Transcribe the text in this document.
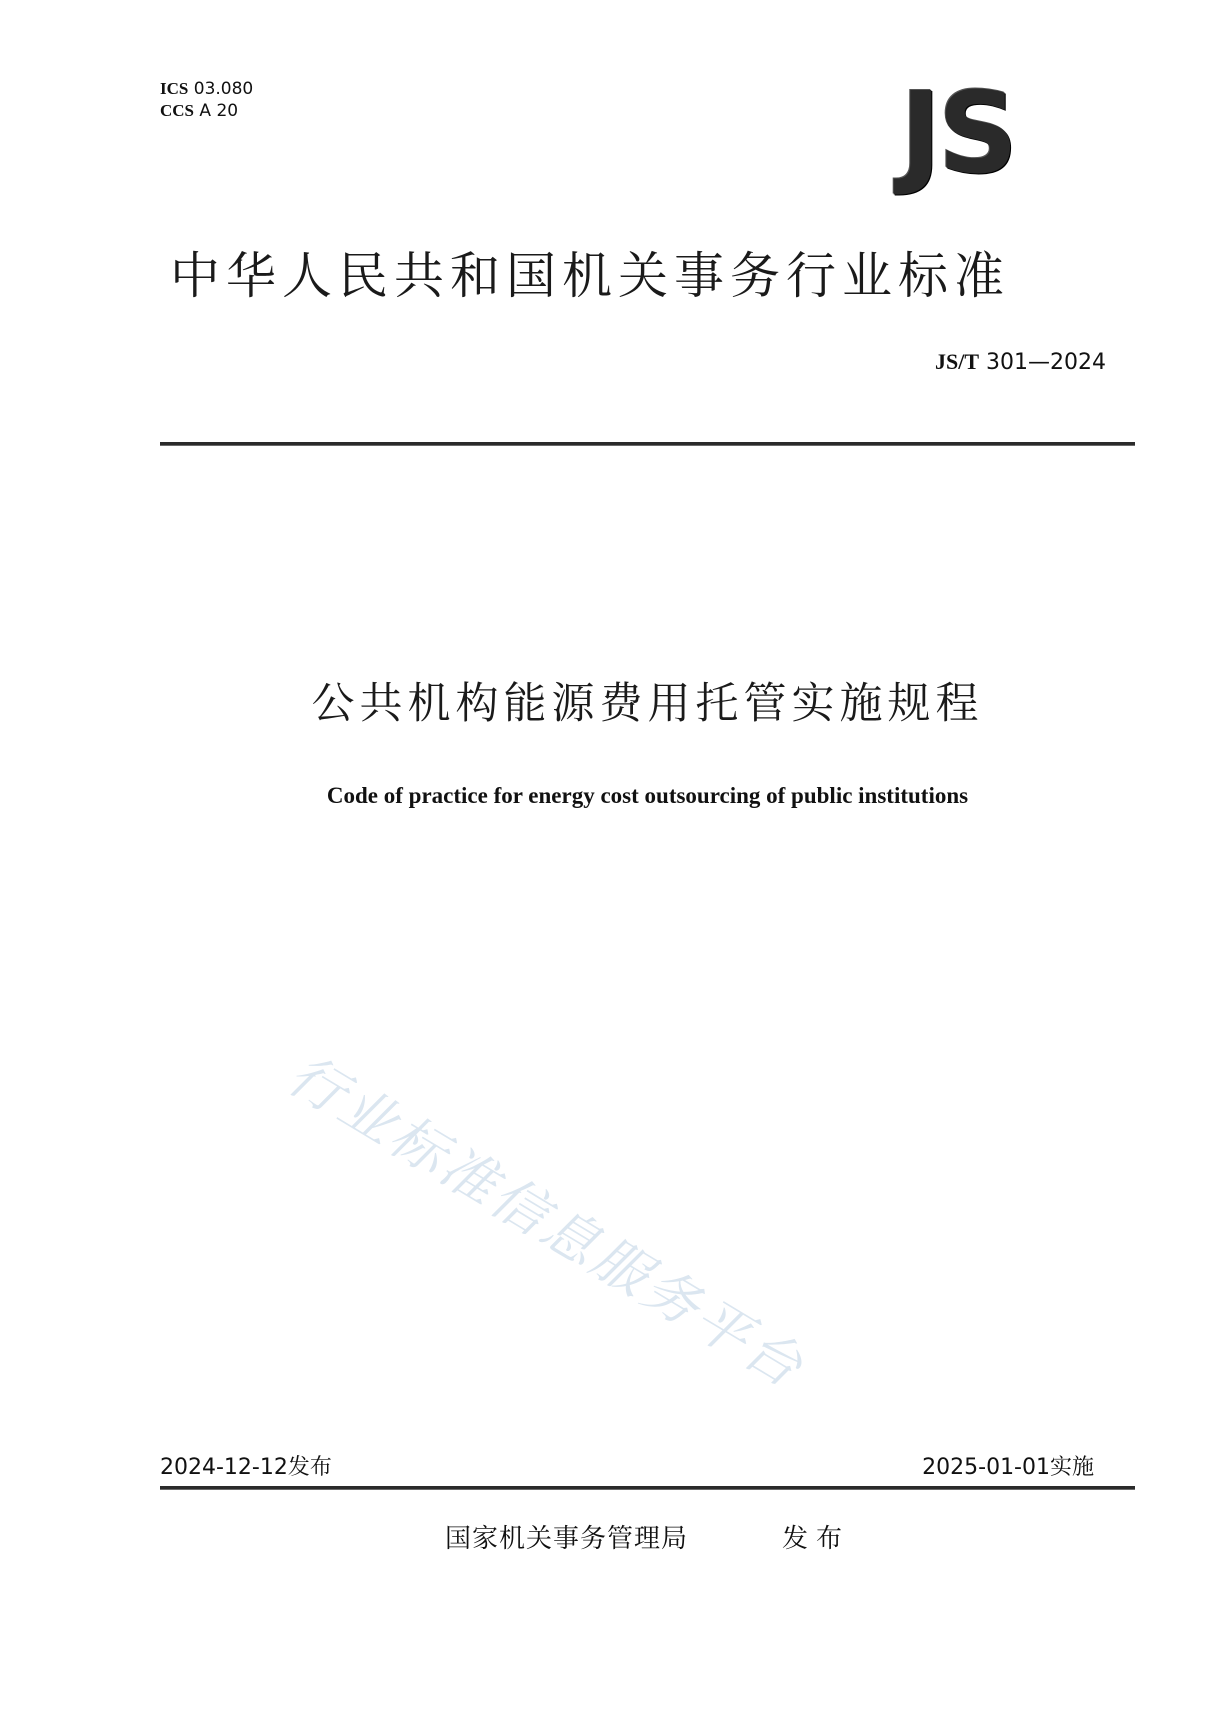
ICS 03.080
CCS A 20	JS
中华人民共和国机关事务行业标准
JS/T 301—2024
公共机构能源费用托管实施规程
Code of practice for energy cost outsourcing of public institutions
行业标准信息服务平台
2024-12-12发布	2025-01-01实施
国家机关事务管理局	发布
